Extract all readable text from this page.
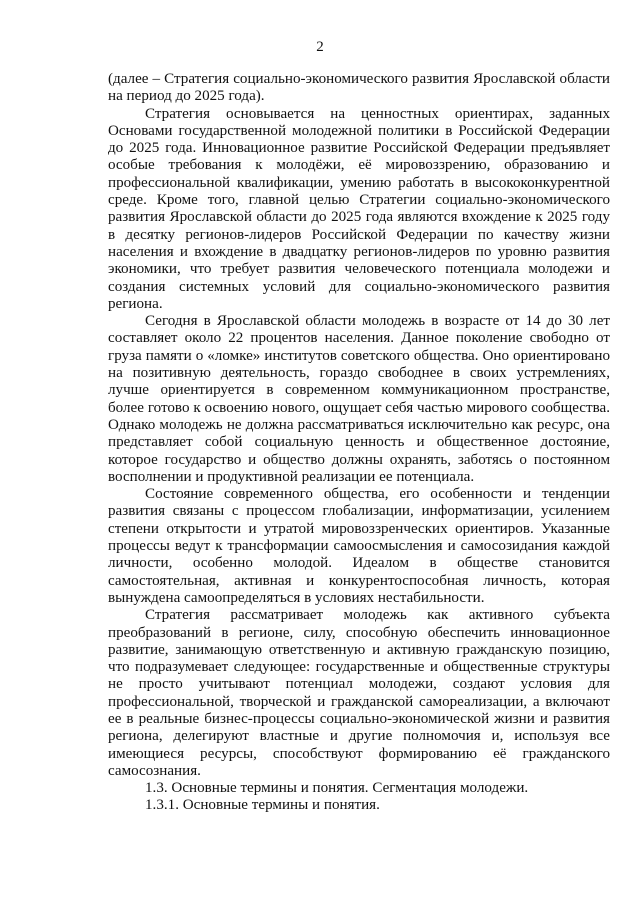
2

(далее – Стратегия социально-экономического развития Ярославской области на период до 2025 года).

Стратегия основывается на ценностных ориентирах, заданных Основами государственной молодежной политики в Российской Федерации до 2025 года. Инновационное развитие Российской Федерации предъявляет особые требования к молодёжи, её мировоззрению, образованию и профессиональной квалификации, умению работать в высококонкурентной среде. Кроме того, главной целью Стратегии социально-экономического развития Ярославской области до 2025 года являются вхождение к 2025 году в десятку регионов-лидеров Российской Федерации по качеству жизни населения и вхождение в двадцатку регионов-лидеров по уровню развития экономики, что требует развития человеческого потенциала молодежи и создания системных условий для социально-экономического развития региона.

Сегодня в Ярославской области молодежь в возрасте от 14 до 30 лет составляет около 22 процентов населения. Данное поколение свободно от груза памяти о «ломке» институтов советского общества. Оно ориентировано на позитивную деятельность, гораздо свободнее в своих устремлениях, лучше ориентируется в современном коммуникационном пространстве, более готово к освоению нового, ощущает себя частью мирового сообщества. Однако молодежь не должна рассматриваться исключительно как ресурс, она представляет собой социальную ценность и общественное достояние, которое государство и общество должны охранять, заботясь о постоянном восполнении и продуктивной реализации ее потенциала.

Состояние современного общества, его особенности и тенденции развития связаны с процессом глобализации, информатизации, усилением степени открытости и утратой мировоззренческих ориентиров. Указанные процессы ведут к трансформации самоосмысления и самосозидания каждой личности, особенно молодой. Идеалом в обществе становится самостоятельная, активная и конкурентоспособная личность, которая вынуждена самоопределяться в условиях нестабильности.

Стратегия рассматривает молодежь как активного субъекта преобразований в регионе, силу, способную обеспечить инновационное развитие, занимающую ответственную и активную гражданскую позицию, что подразумевает следующее: государственные и общественные структуры не просто учитывают потенциал молодежи, создают условия для профессиональной, творческой и гражданской самореализации, а включают ее в реальные бизнес-процессы социально-экономической жизни и развития региона, делегируют властные и другие полномочия и, используя все имеющиеся ресурсы, способствуют формированию её гражданского самосознания.

1.3. Основные термины и понятия. Сегментация молодежи.

1.3.1. Основные термины и понятия.
